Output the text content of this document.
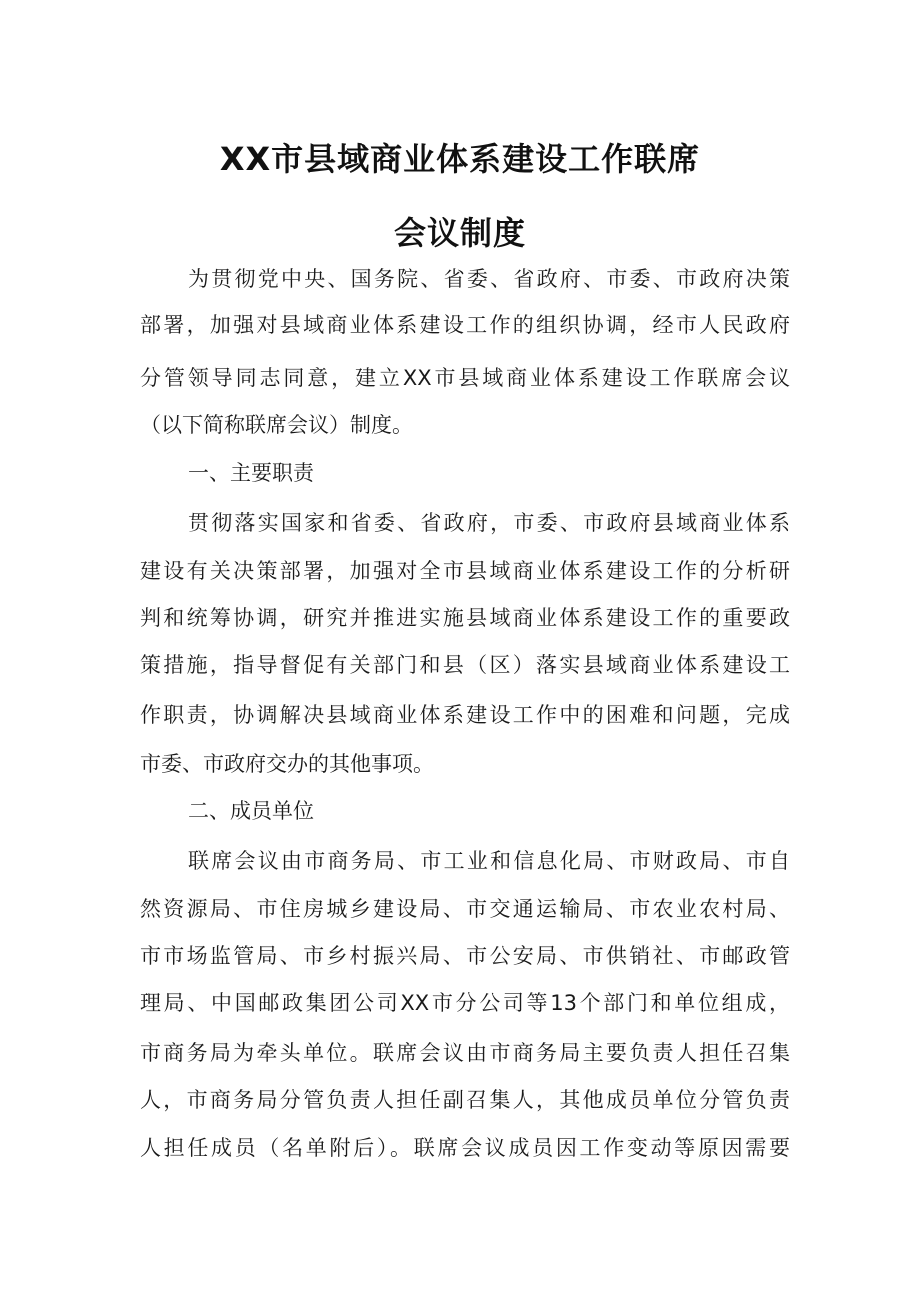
XX市县域商业体系建设工作联席
会议制度
为贯彻党中央、国务院、省委、省政府、市委、市政府决策
部署，加强对县域商业体系建设工作的组织协调，经市人民政府
分管领导同志同意，建立XX市县域商业体系建设工作联席会议
（以下简称联席会议）制度。
一、主要职责
贯彻落实国家和省委、省政府，市委、市政府县域商业体系
建设有关决策部署，加强对全市县域商业体系建设工作的分析研
判和统筹协调，研究并推进实施县域商业体系建设工作的重要政
策措施，指导督促有关部门和县（区）落实县域商业体系建设工
作职责，协调解决县域商业体系建设工作中的困难和问题，完成
市委、市政府交办的其他事项。
二、成员单位
联席会议由市商务局、市工业和信息化局、市财政局、市自
然资源局、市住房城乡建设局、市交通运输局、市农业农村局、
市市场监管局、市乡村振兴局、市公安局、市供销社、市邮政管
理局、中国邮政集团公司XX市分公司等13个部门和单位组成，
市商务局为牵头单位。联席会议由市商务局主要负责人担任召集
人，市商务局分管负责人担任副召集人，其他成员单位分管负责
人担任成员（名单附后）。联席会议成员因工作变动等原因需要
